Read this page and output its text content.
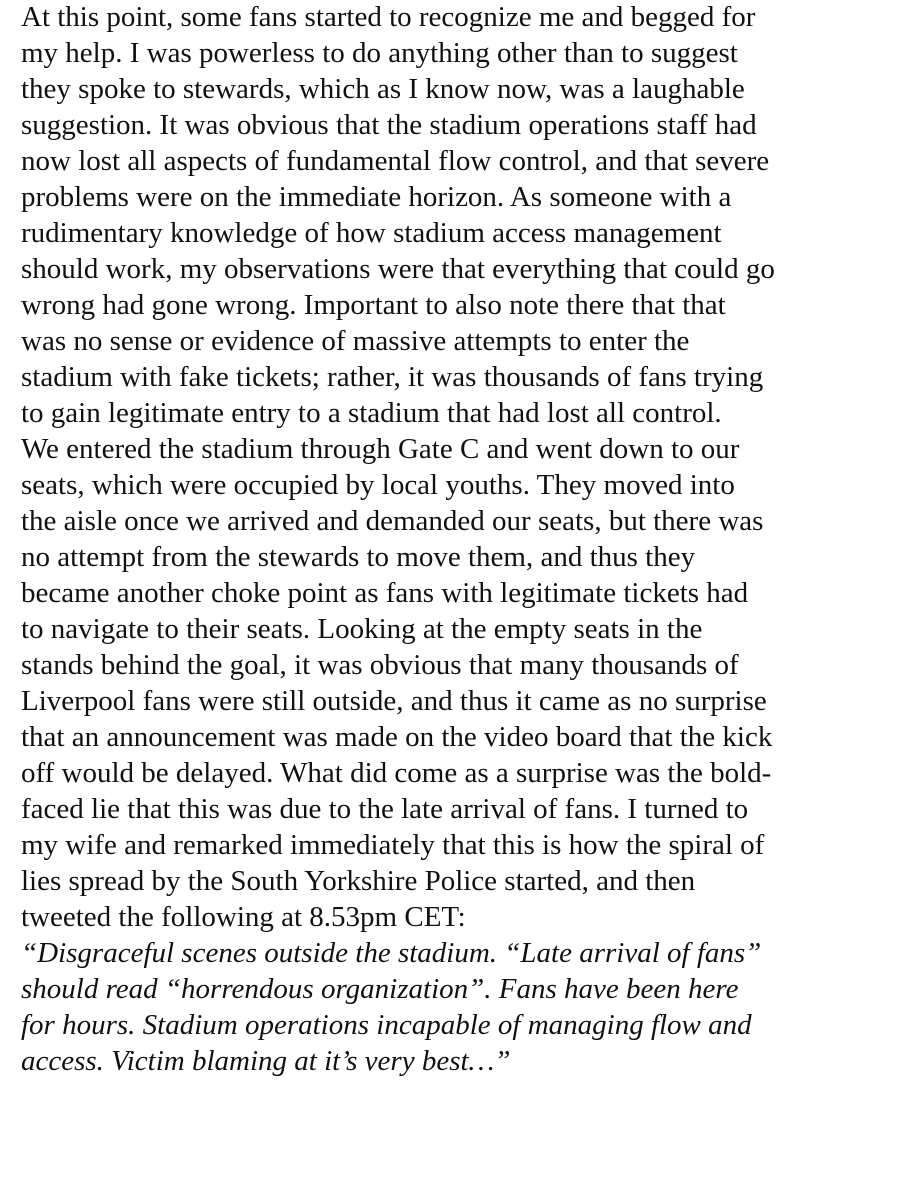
At this point, some fans started to recognize me and begged for
my help. I was powerless to do anything other than to suggest
they spoke to stewards, which as I know now, was a laughable
suggestion. It was obvious that the stadium operations staff had
now lost all aspects of fundamental flow control, and that severe
problems were on the immediate horizon. As someone with a
rudimentary knowledge of how stadium access management
should work, my observations were that everything that could go
wrong had gone wrong. Important to also note there that that
was no sense or evidence of massive attempts to enter the
stadium with fake tickets; rather, it was thousands of fans trying
to gain legitimate entry to a stadium that had lost all control.
We entered the stadium through Gate C and went down to our
seats, which were occupied by local youths. They moved into
the aisle once we arrived and demanded our seats, but there was
no attempt from the stewards to move them, and thus they
became another choke point as fans with legitimate tickets had
to navigate to their seats. Looking at the empty seats in the
stands behind the goal, it was obvious that many thousands of
Liverpool fans were still outside, and thus it came as no surprise
that an announcement was made on the video board that the kick
off would be delayed. What did come as a surprise was the bold-
faced lie that this was due to the late arrival of fans. I turned to
my wife and remarked immediately that this is how the spiral of
lies spread by the South Yorkshire Police started, and then
tweeted the following at 8.53pm CET:
“Disgraceful scenes outside the stadium. “Late arrival of fans”
should read “horrendous organization”. Fans have been here
for hours. Stadium operations incapable of managing flow and
access. Victim blaming at it’s very best…”
